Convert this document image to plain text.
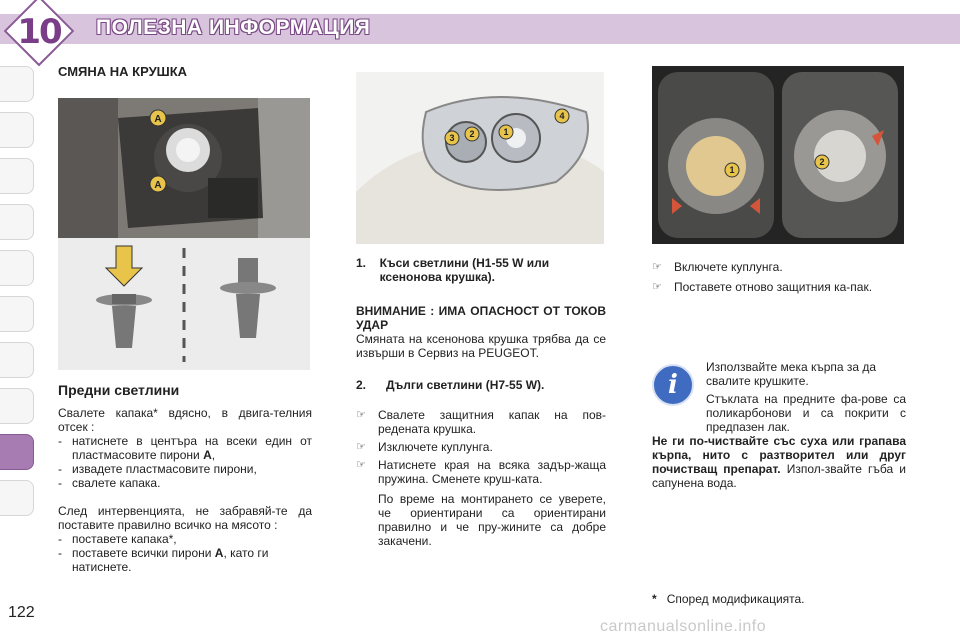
10 ПОЛЕЗНА ИНФОРМАЦИЯ
122
СМЯНА НА КРУШКА
А
А
Предни светлини
Свалете капака* вдясно, в двига-телния отсек :
- натиснете в центъра на всеки един от пластмасовите пирони А,
- извадете пластмасовите пирони,
- свалете капака.
След интервенцията, не забравяй-те да поставите правилно всичко на мясото :
- поставете капака*,
- поставете всички пирони А, като ги натиснете.
3 2	1
4
1.	Къси светлини (H1-55 W или ксенонова крушка).
ВНИМАНИЕ : ИМА ОПАСНОСТ ОТ ТОКОВ УДАР
Смяната на ксенонова крушка трябва да се извърши в Сервиз на PEUGEOT.
2.	Дълги светлини (H7-55 W).
☞	Свалете защитния капак на пов-редената крушка.
☞	Изключете куплунга.
☞	Натиснете края на всяка задър-жаща пружина. Сменете круш-ката.
По време на монтирането се уверете, че ориентирани са ориентирани правилно и че пру-жините са добре закачени.
1
2
☞	Включете куплунга.
☞	Поставете отново защитния ка-пак.
i
Използвайте мека кърпа за да свалите крушките.
Стъклата на предните фа-рове са поликарбонови и са покрити с предпазен лак.
Не ги по-чиствайте със суха или грапава кърпа, нито с разтворител или друг почистващ препарат. Изпол-звайте гъба и сапунена вода.
* Според модификацията.
carmanualsonline.info
